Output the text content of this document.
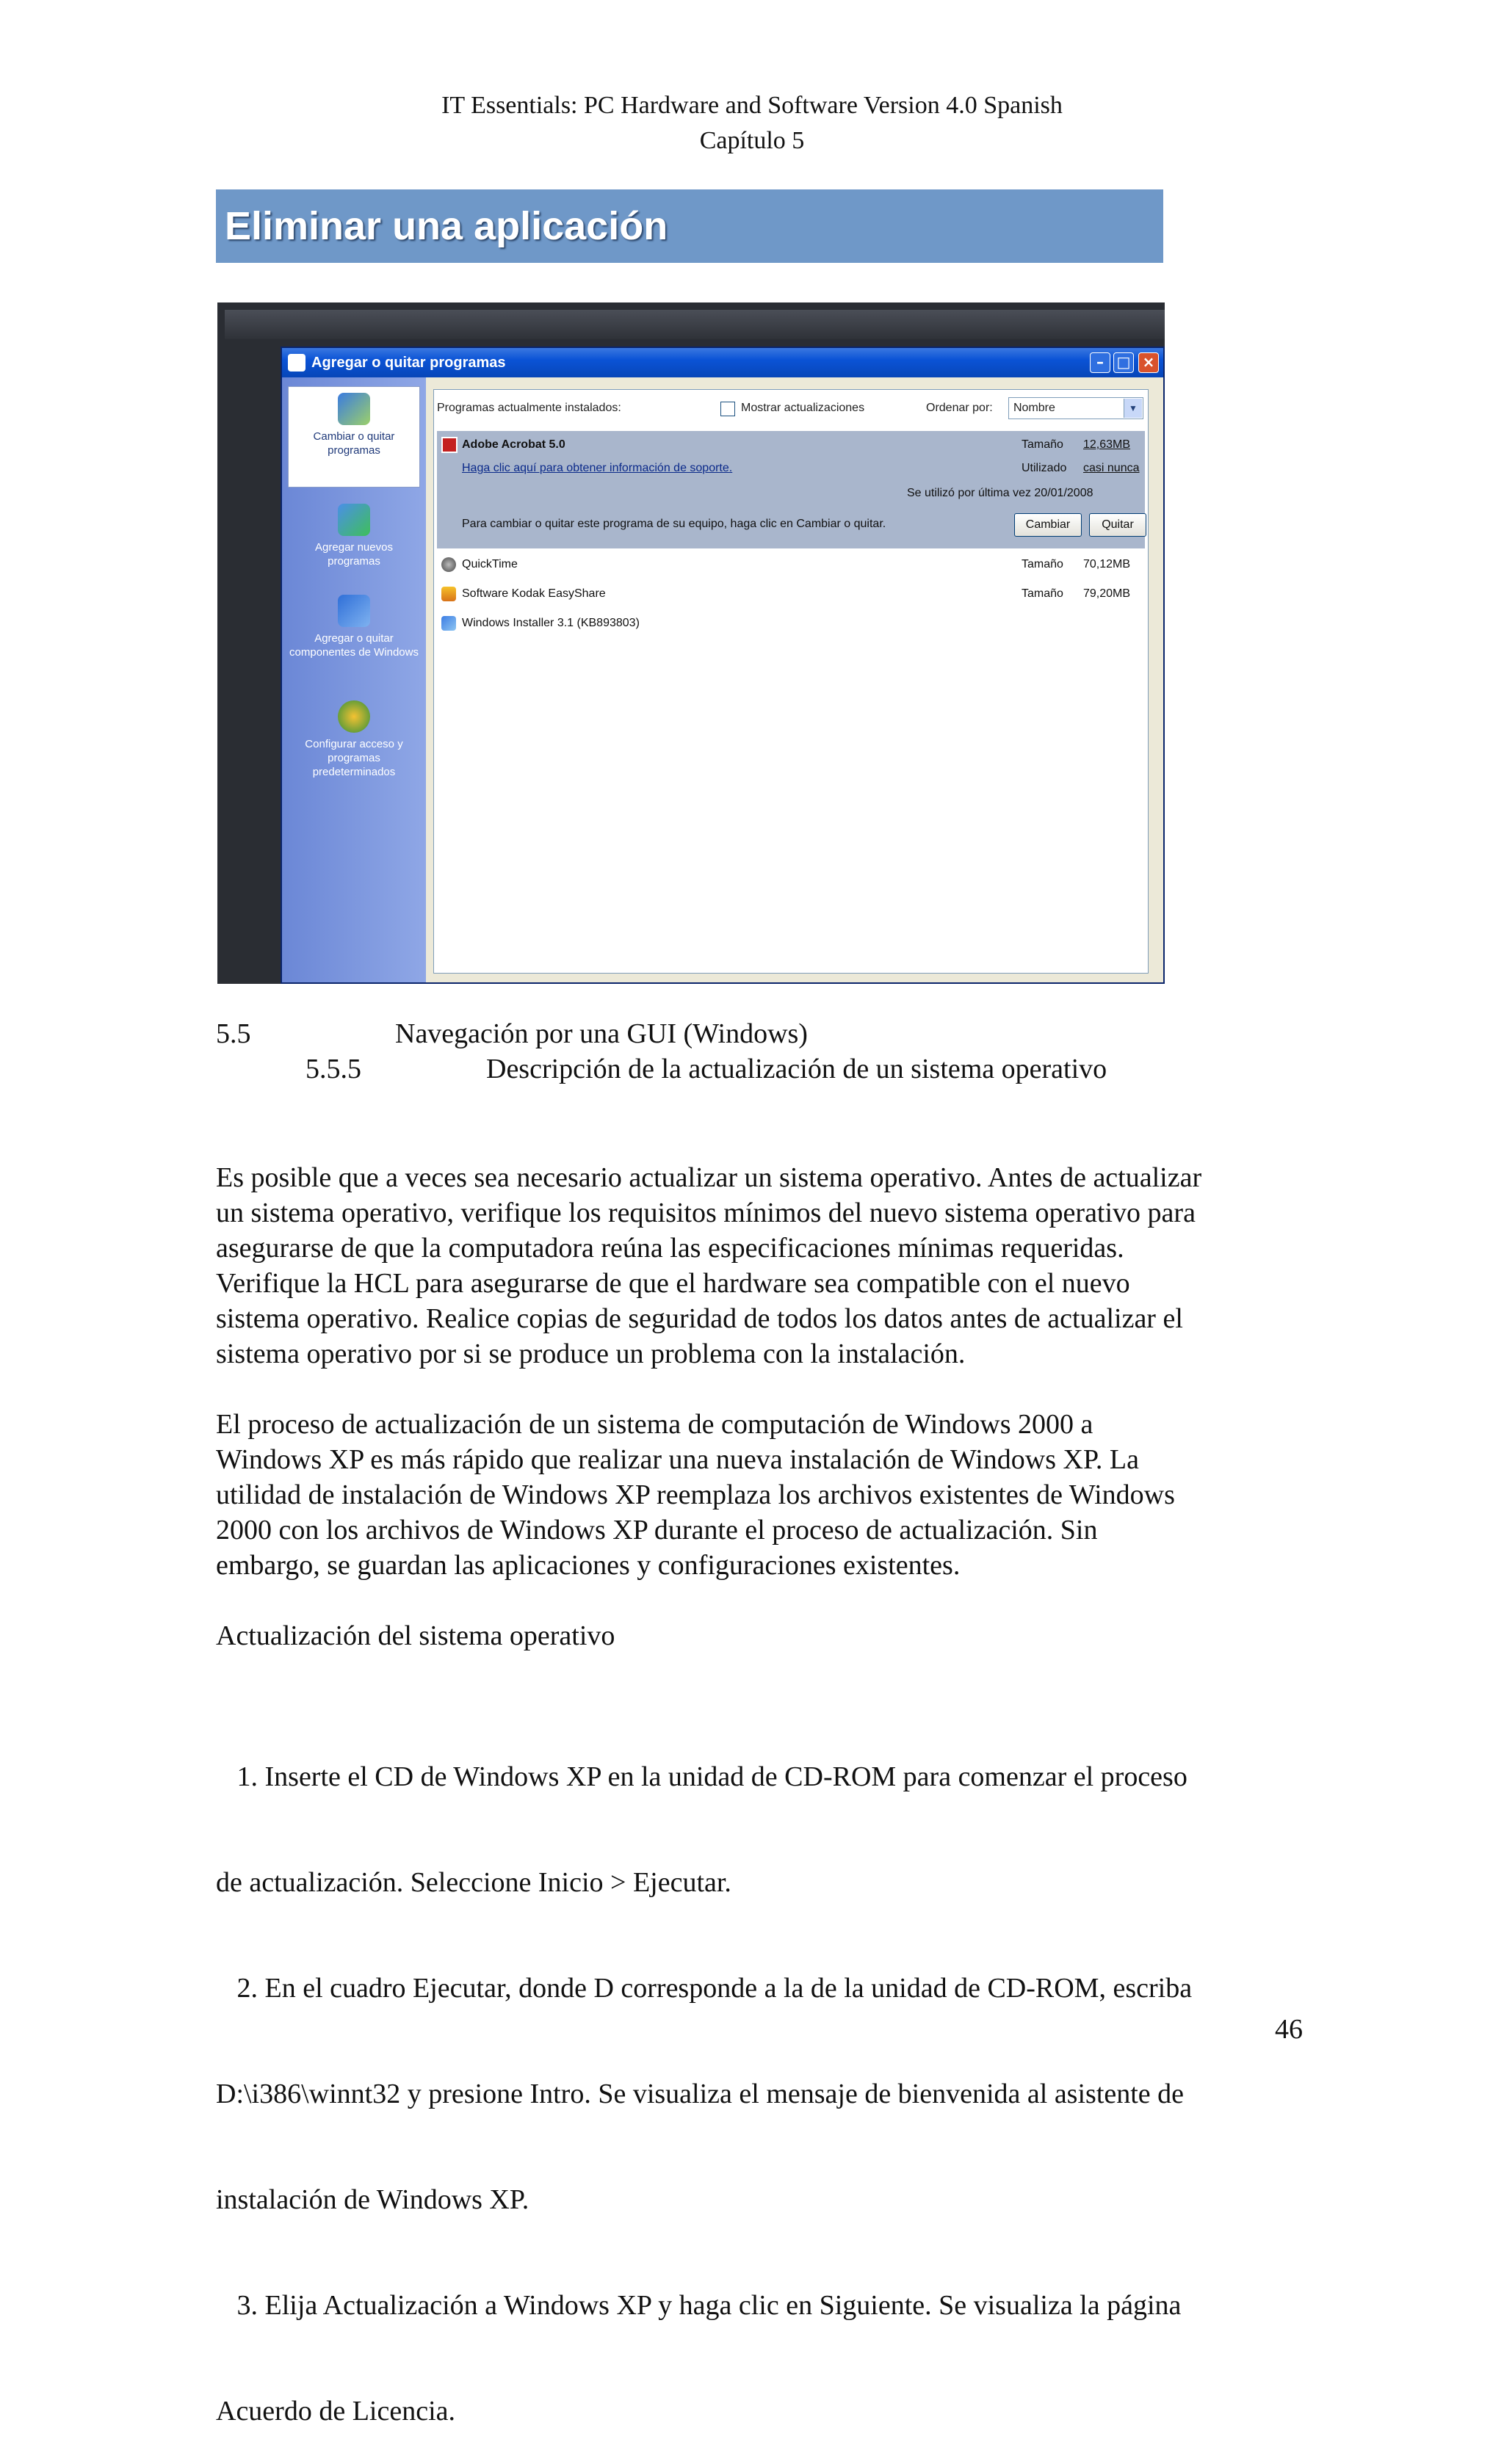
IT Essentials: PC Hardware and Software Version 4.0 Spanish
Capítulo 5
Eliminar una aplicación
Agregar o quitar programas	– □ ×
Cambiar o quitar programas
Agregar nuevos programas
Agregar o quitar componentes de Windows
Configurar acceso y programas predeterminados
Programas actualmente instalados:	Mostrar actualizaciones	Ordenar por: Nombre	▼
Adobe Acrobat 5.0
Haga clic aquí para obtener información de soporte.
Tamaño 12,63MB
Utilizado casi nunca
Se utilizó por última vez 20/01/2008
Para cambiar o quitar este programa de su equipo, haga clic en Cambiar o quitar.	Cambiar	Quitar
QuickTime	Tamaño 70,12MB
Software Kodak EasyShare	Tamaño 79,20MB
Windows Installer 3.1 (KB893803)
5.5	Navegación por una GUI (Windows)
5.5.5	Descripción de la actualización de un sistema operativo

Es posible que a veces sea necesario actualizar un sistema operativo. Antes de actualizar

un sistema operativo, verifique los requisitos mínimos del nuevo sistema operativo para

asegurarse de que la computadora reúna las especificaciones mínimas requeridas.

Verifique la HCL para asegurarse de que el hardware sea compatible con el nuevo

sistema operativo. Realice copias de seguridad de todos los datos antes de actualizar el

sistema operativo por si se produce un problema con la instalación.

El proceso de actualización de un sistema de computación de Windows 2000 a

Windows XP es más rápido que realizar una nueva instalación de Windows XP. La

utilidad de instalación de Windows XP reemplaza los archivos existentes de Windows

2000 con los archivos de Windows XP durante el proceso de actualización. Sin

embargo, se guardan las aplicaciones y configuraciones existentes.

Actualización del sistema operativo

1. Inserte el CD de Windows XP en la unidad de CD-ROM para comenzar el proceso

de actualización. Seleccione Inicio > Ejecutar.

2. En el cuadro Ejecutar, donde D corresponde a la de la unidad de CD-ROM, escriba

D:\i386\winnt32 y presione Intro. Se visualiza el mensaje de bienvenida al asistente de

instalación de Windows XP.

3. Elija Actualización a Windows XP y haga clic en Siguiente. Se visualiza la página

Acuerdo de Licencia.

46
